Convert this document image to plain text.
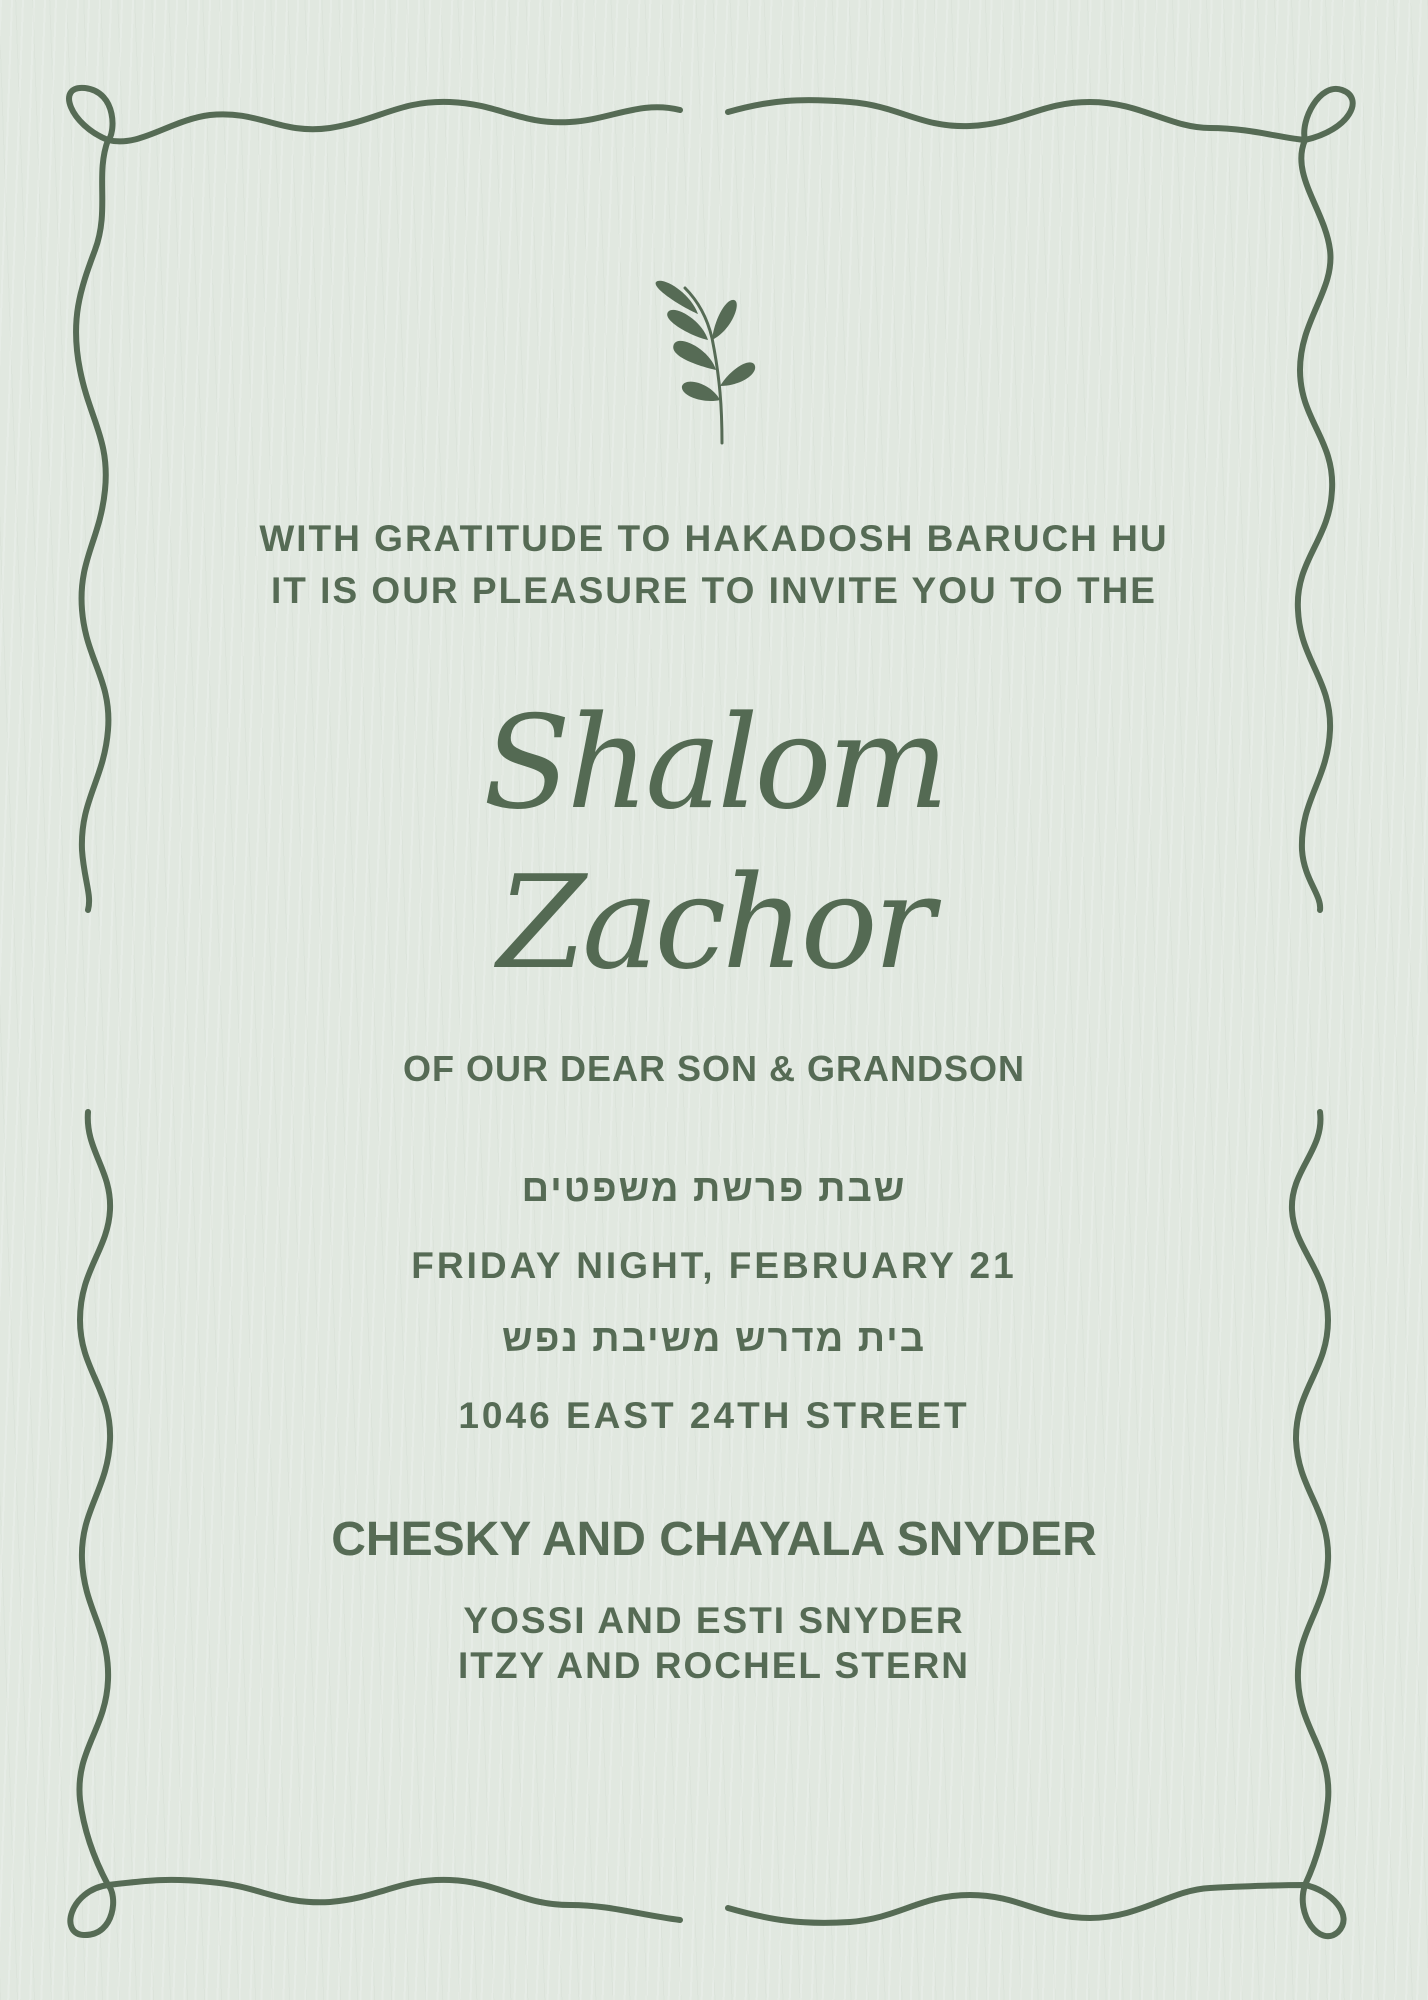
WITH GRATITUDE TO HAKADOSH BARUCH HU
IT IS OUR PLEASURE TO INVITE YOU TO THE
Shalom
Zachor
OF OUR DEAR SON & GRANDSON
שבת פרשת משפטים
FRIDAY NIGHT, FEBRUARY 21
בית מדרש משיבת נפש
1046 EAST 24TH STREET
CHESKY AND CHAYALA SNYDER
YOSSI AND ESTI SNYDER
ITZY AND ROCHEL STERN
